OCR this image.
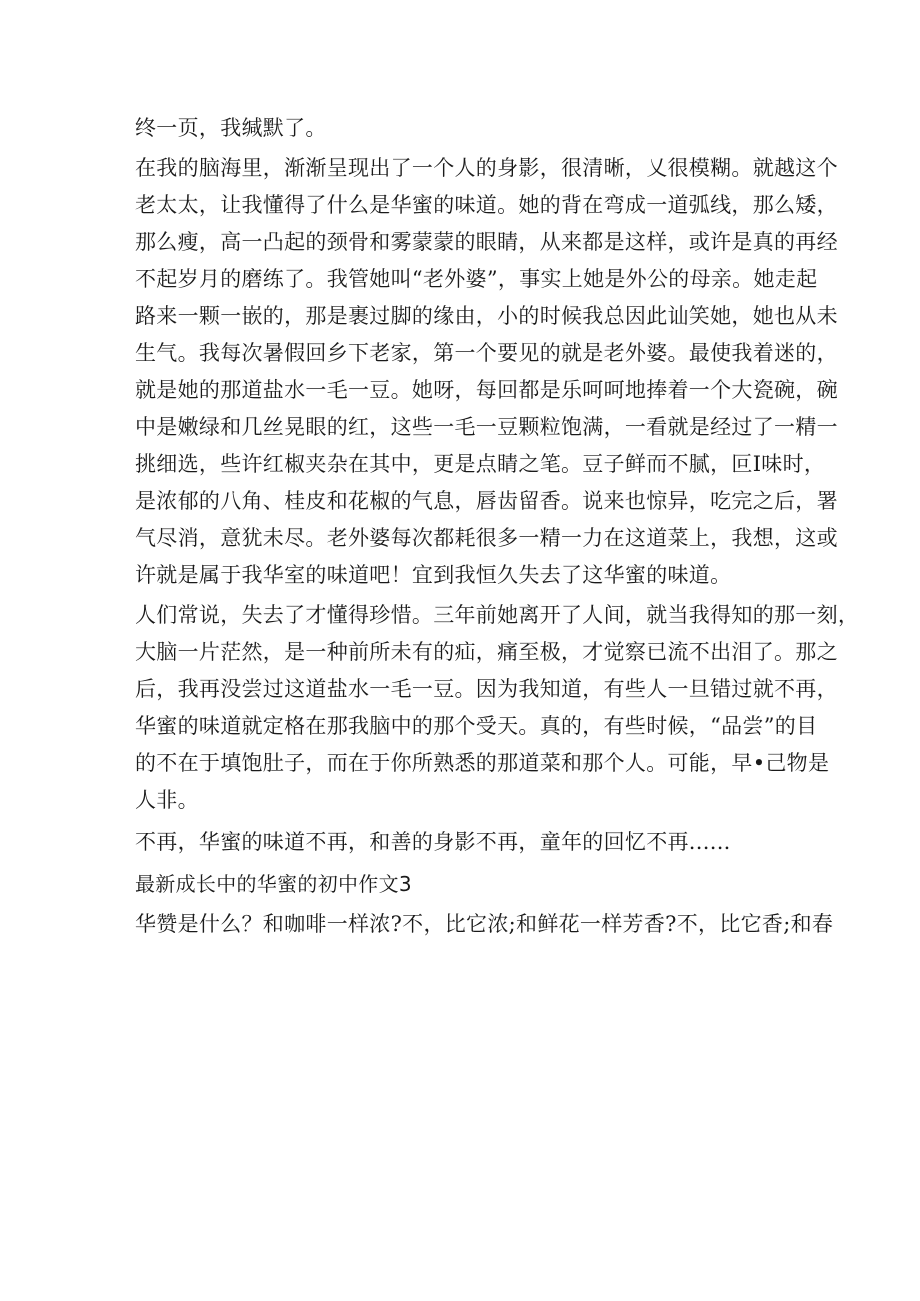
终一页，我缄默了。

在我的脑海里，渐渐呈现出了一个人的身影，很清晰，乂很模糊。就越这个

老太太，让我懂得了什么是华蜜的味道。她的背在弯成一道弧线，那么矮，

那么瘦，高一凸起的颈骨和雾蒙蒙的眼睛，从来都是这样，或许是真的再经

不起岁月的磨练了。我管她叫“老外婆”，事实上她是外公的母亲。她走起

路来一颗一嵌的，那是裹过脚的缘由，小的时候我总因此讪笑她，她也从未

生气。我每次暑假回乡下老家，第一个要见的就是老外婆。最使我着迷的，

就是她的那道盐水一毛一豆。她呀，每回都是乐呵呵地捧着一个大瓷碗，碗

中是嫩绿和几丝晃眼的红，这些一毛一豆颗粒饱满，一看就是经过了一精一

挑细选，些许红椒夹杂在其中，更是点睛之笔。豆子鲜而不腻，叵I味时，

是浓郁的八角、桂皮和花椒的气息，唇齿留香。说来也惊异，吃完之后，署

气尽消，意犹未尽。老外婆每次都耗很多一精一力在这道菜上，我想，这或

许就是属于我华室的味道吧！宜到我恒久失去了这华蜜的味道。

人们常说，失去了才懂得珍惜。三年前她离开了人间，就当我得知的那一刻，

大脑一片茫然，是一种前所未有的疝，痛至极，才觉察已流不出泪了。那之

后，我再没尝过这道盐水一毛一豆。因为我知道，有些人一旦错过就不再，

华蜜的味道就定格在那我脑中的那个受天。真的，有些时候，“品尝”的目

的不在于填饱肚子，而在于你所熟悉的那道菜和那个人。可能，早•己物是

人非。

不再，华蜜的味道不再，和善的身影不再，童年的回忆不再......

最新成长中的华蜜的初中作文3

华赞是什么？和咖啡一样浓?不，比它浓;和鲜花一样芳香?不，比它香;和春
